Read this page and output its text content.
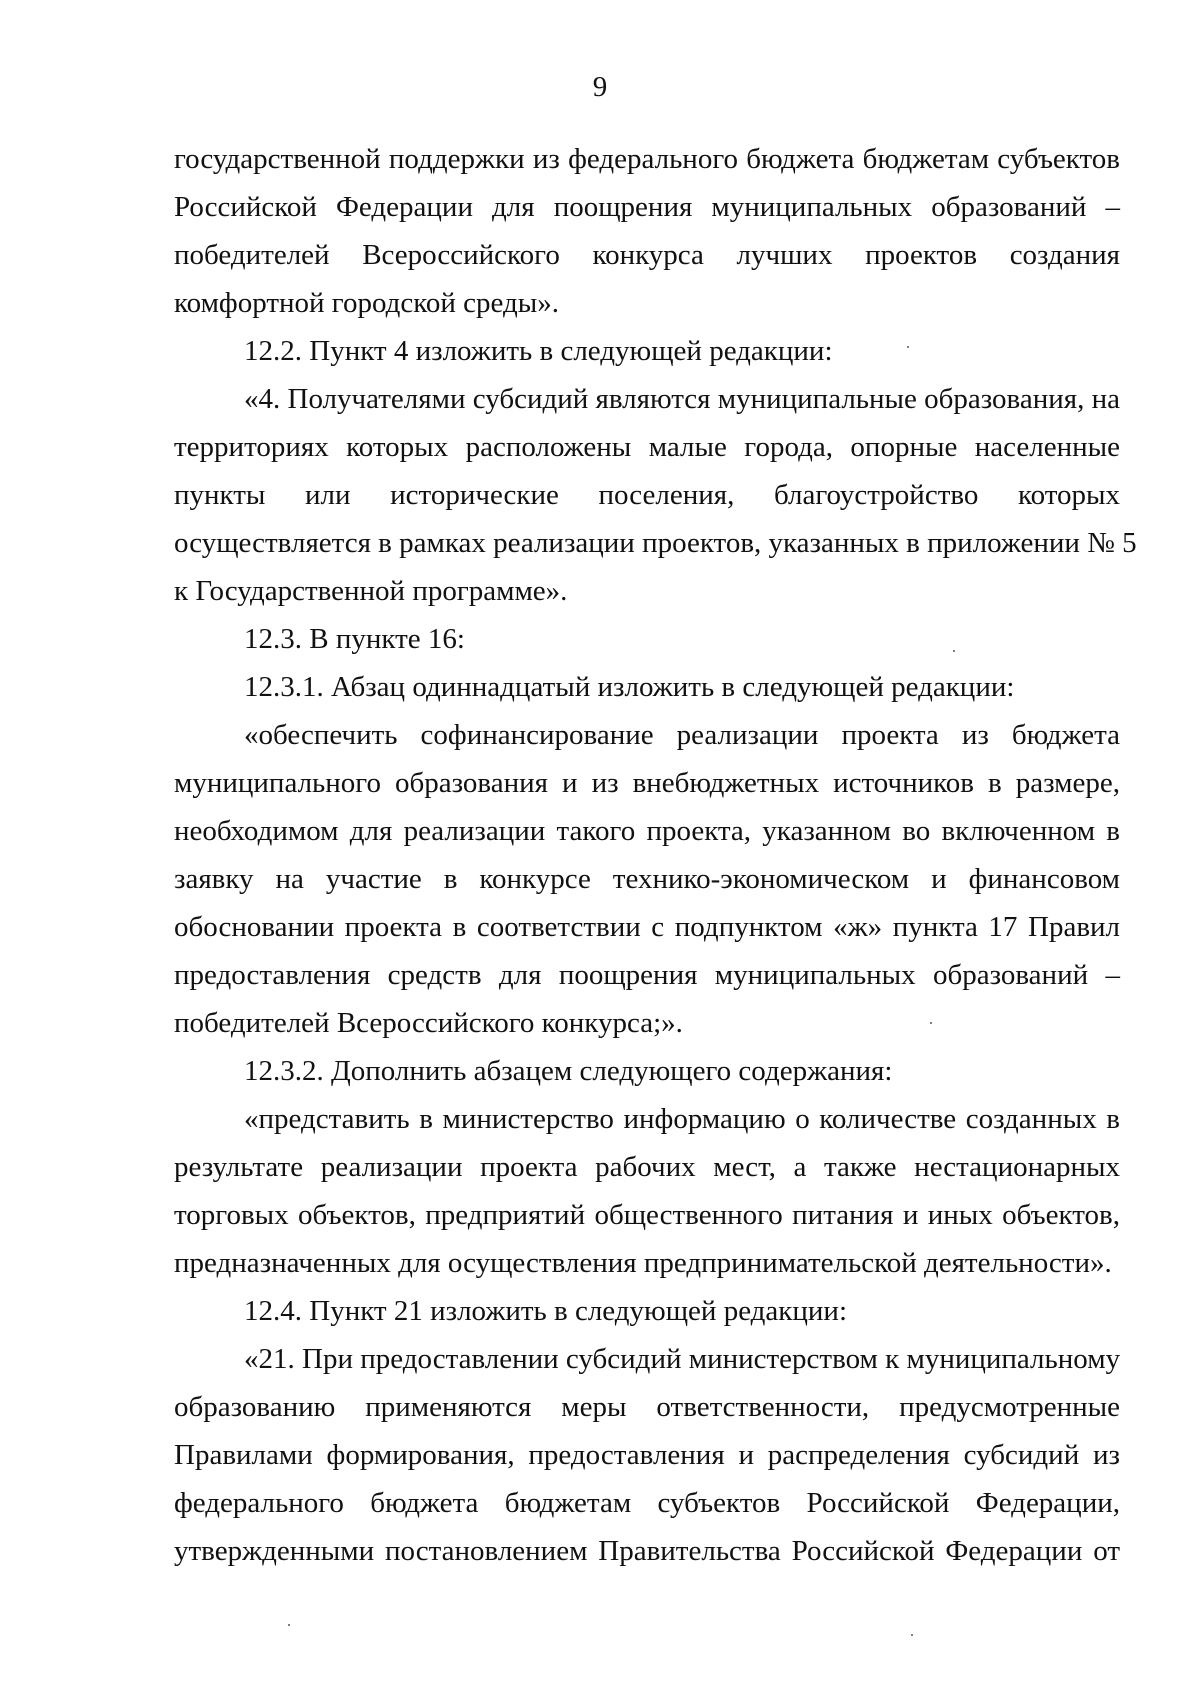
9

государственной поддержки из федерального бюджета бюджетам субъектов
Российской Федерации для поощрения муниципальных образований –
победителей Всероссийского конкурса лучших проектов создания
комфортной городской среды».

12.2. Пункт 4 изложить в следующей редакции:

«4. Получателями субсидий являются муниципальные образования, на
территориях которых расположены малые города, опорные населенные
пункты или исторические поселения, благоустройство которых
осуществляется в рамках реализации проектов, указанных в приложении № 5
к Государственной программе».

12.3. В пункте 16:

12.3.1. Абзац одиннадцатый изложить в следующей редакции:

«обеспечить софинансирование реализации проекта из бюджета
муниципального образования и из внебюджетных источников в размере,
необходимом для реализации такого проекта, указанном во включенном в
заявку на участие в конкурсе технико-экономическом и финансовом
обосновании проекта в соответствии с подпунктом «ж» пункта 17 Правил
предоставления средств для поощрения муниципальных образований –
победителей Всероссийского конкурса;».

12.3.2. Дополнить абзацем следующего содержания:

«представить в министерство информацию о количестве созданных в
результате реализации проекта рабочих мест, а также нестационарных
торговых объектов, предприятий общественного питания и иных объектов,
предназначенных для осуществления предпринимательской деятельности».

12.4. Пункт 21 изложить в следующей редакции:

«21. При предоставлении субсидий министерством к муниципальному
образованию применяются меры ответственности, предусмотренные
Правилами формирования, предоставления и распределения субсидий из
федерального бюджета бюджетам субъектов Российской Федерации,
утвержденными постановлением Правительства Российской Федерации от
